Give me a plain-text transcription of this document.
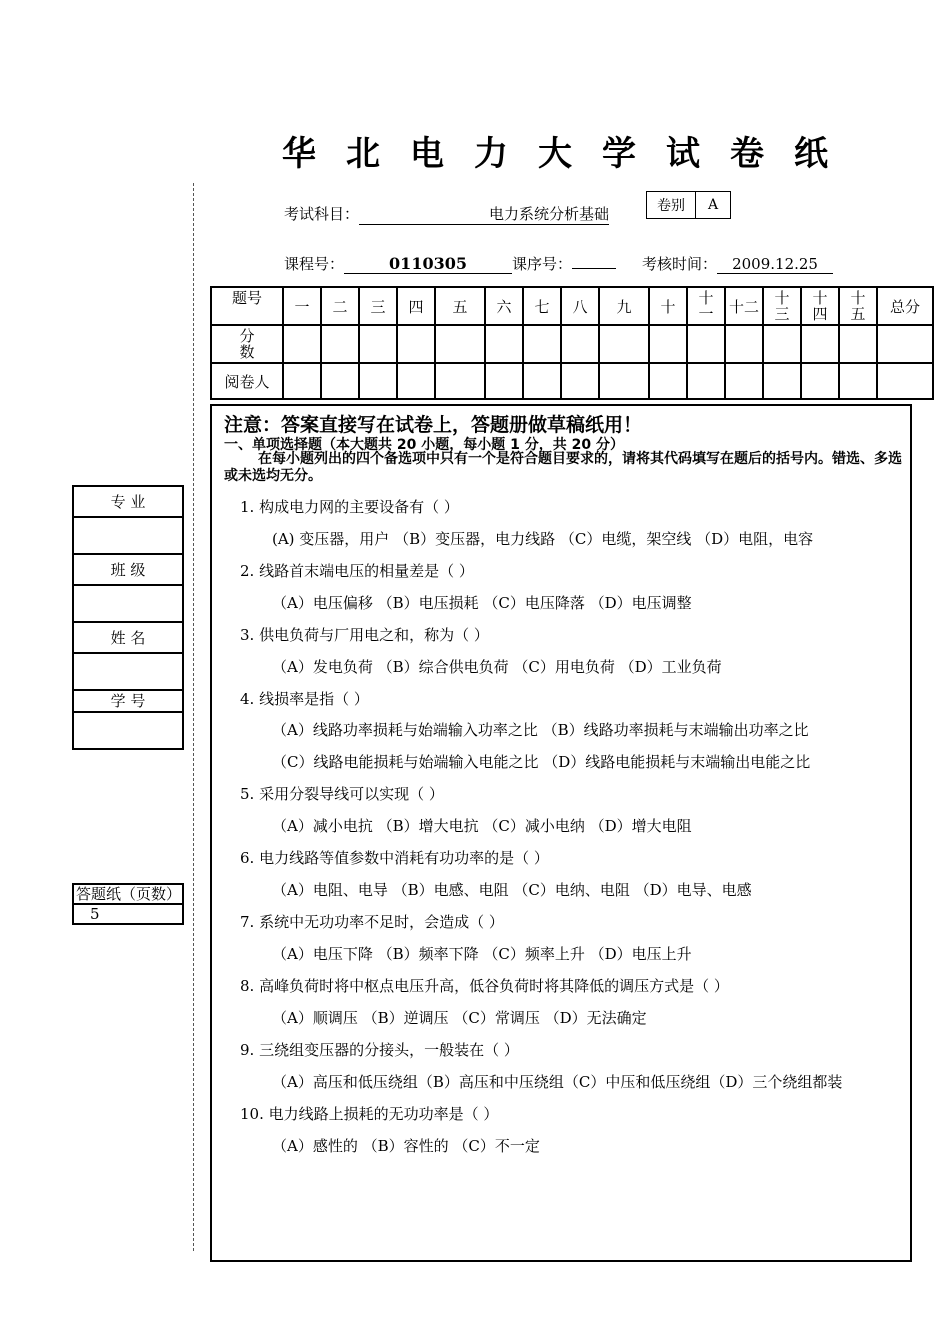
华北电力大学试卷纸
考试科目：	电力系统分析基础	卷别	A
课程号：	0110305	课序号：	考核时间： 2009.12.25
题号	一	二	三	四	五	六	七	八	九	十	十一	十二	十三	十四	十五	总分

分数																

阅卷人																
注意：答案直接写在试卷上，答题册做草稿纸用！
一、单项选择题（本大题共 20 小题，每小题 1 分，共 20 分）
在每小题列出的四个备选项中只有一个是符合题目要求的，请将其代码填写在题后的括号内。错选、多选或未选均无分。
1. 构成电力网的主要设备有（ ）
(A) 变压器，用户 （B）变压器，电力线路 （C）电缆，架空线 （D）电阻，电容
2. 线路首末端电压的相量差是（ ）
（A）电压偏移 （B）电压损耗 （C）电压降落 （D）电压调整
3. 供电负荷与厂用电之和，称为（ ）
（A）发电负荷 （B）综合供电负荷 （C）用电负荷 （D）工业负荷
4. 线损率是指（ ）
（A）线路功率损耗与始端输入功率之比 （B）线路功率损耗与末端输出功率之比
（C）线路电能损耗与始端输入电能之比 （D）线路电能损耗与末端输出电能之比
5. 采用分裂导线可以实现（ ）
（A）减小电抗 （B）增大电抗 （C）减小电纳 （D）增大电阻
6. 电力线路等值参数中消耗有功功率的是（ ）
（A）电阻、电导 （B）电感、电阻 （C）电纳、电阻 （D）电导、电感
7. 系统中无功功率不足时，会造成（ ）
（A）电压下降 （B）频率下降 （C）频率上升 （D）电压上升
8. 高峰负荷时将中枢点电压升高，低谷负荷时将其降低的调压方式是（ ）
（A）顺调压 （B）逆调压 （C）常调压 （D）无法确定
9. 三绕组变压器的分接头，一般装在（ ）
（A）高压和低压绕组（B）高压和中压绕组（C）中压和低压绕组（D）三个绕组都装
10. 电力线路上损耗的无功功率是（ ）
（A）感性的 （B）容性的 （C）不一定
专 业

班 级

姓 名

学 号

答题纸（页数）
5
